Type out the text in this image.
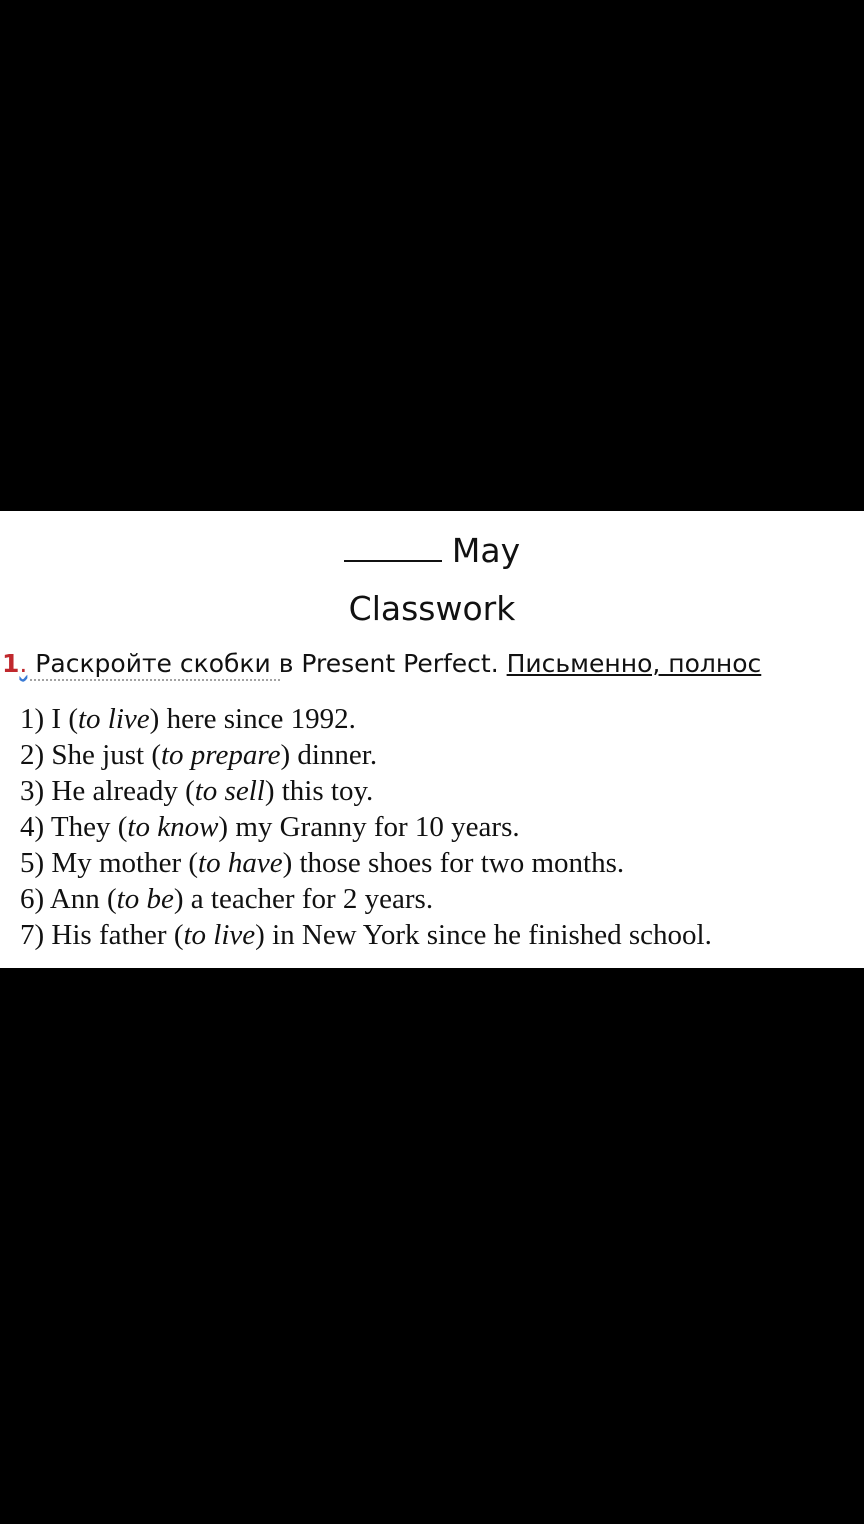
May
Classwork
1. Раскройте скобки в Present Perfect. Письменно, полнос
1) I (to live) here since 1992.
2) She just (to prepare) dinner.
3) He already (to sell) this toy.
4) They (to know) my Granny for 10 years.
5) My mother (to have) those shoes for two months.
6) Ann (to be) a teacher for 2 years.
7) His father (to live) in New York since he finished school.
